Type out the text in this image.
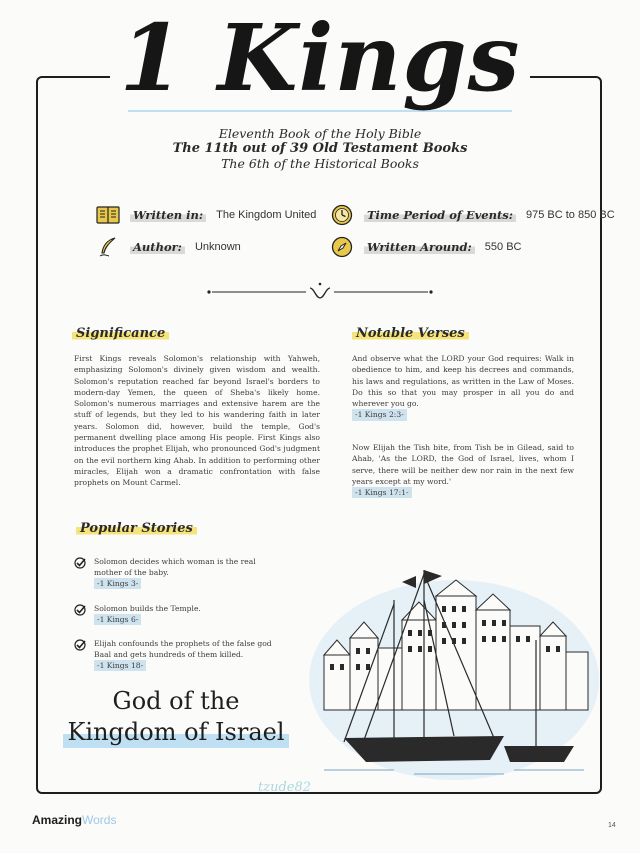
1 Kings
Eleventh Book of the Holy Bible
The 11th out of 39 Old Testament Books
The 6th of the Historical Books
Written in: The Kingdom United	Time Period of Events: 975 BC to 850 BC
Author: Unknown	Written Around: 550 BC
Significance
First Kings reveals Solomon's relationship with Yahweh, emphasizing Solomon's divinely given wisdom and wealth. Solomon's reputation reached far beyond Israel's borders to modern-day Yemen, the queen of Sheba's likely home. Solomon's numerous marriages and extensive harem are the stuff of legends, but they led to his wandering faith in later years. Solomon did, however, build the temple, God's permanent dwelling place among His people. First Kings also introduces the prophet Elijah, who pronounced God's judgment on the evil northern king Ahab. In addition to performing other miracles, Elijah won a dramatic confrontation with false prophets on Mount Carmel.
Notable Verses
And observe what the LORD your God requires: Walk in obedience to him, and keep his decrees and commands, his laws and regulations, as written in the Law of Moses. Do this so that you may prosper in all you do and wherever you go.
-1 Kings 2:3-
Now Elijah the Tish bite, from Tish be in Gilead, said to Ahab, 'As the LORD, the God of Israel, lives, whom I serve, there will be neither dew nor rain in the next few years except at my word.'
-1 Kings 17:1-
Popular Stories
Solomon decides which woman is the real mother of the baby.
-1 Kings 3-
Solomon builds the Temple.
-1 Kings 6-
Elijah confounds the prophets of the false god Baal and gets hundreds of them killed.
-1 Kings 18-
God of the
Kingdom of Israel
tzude82
AmazingWords	14
